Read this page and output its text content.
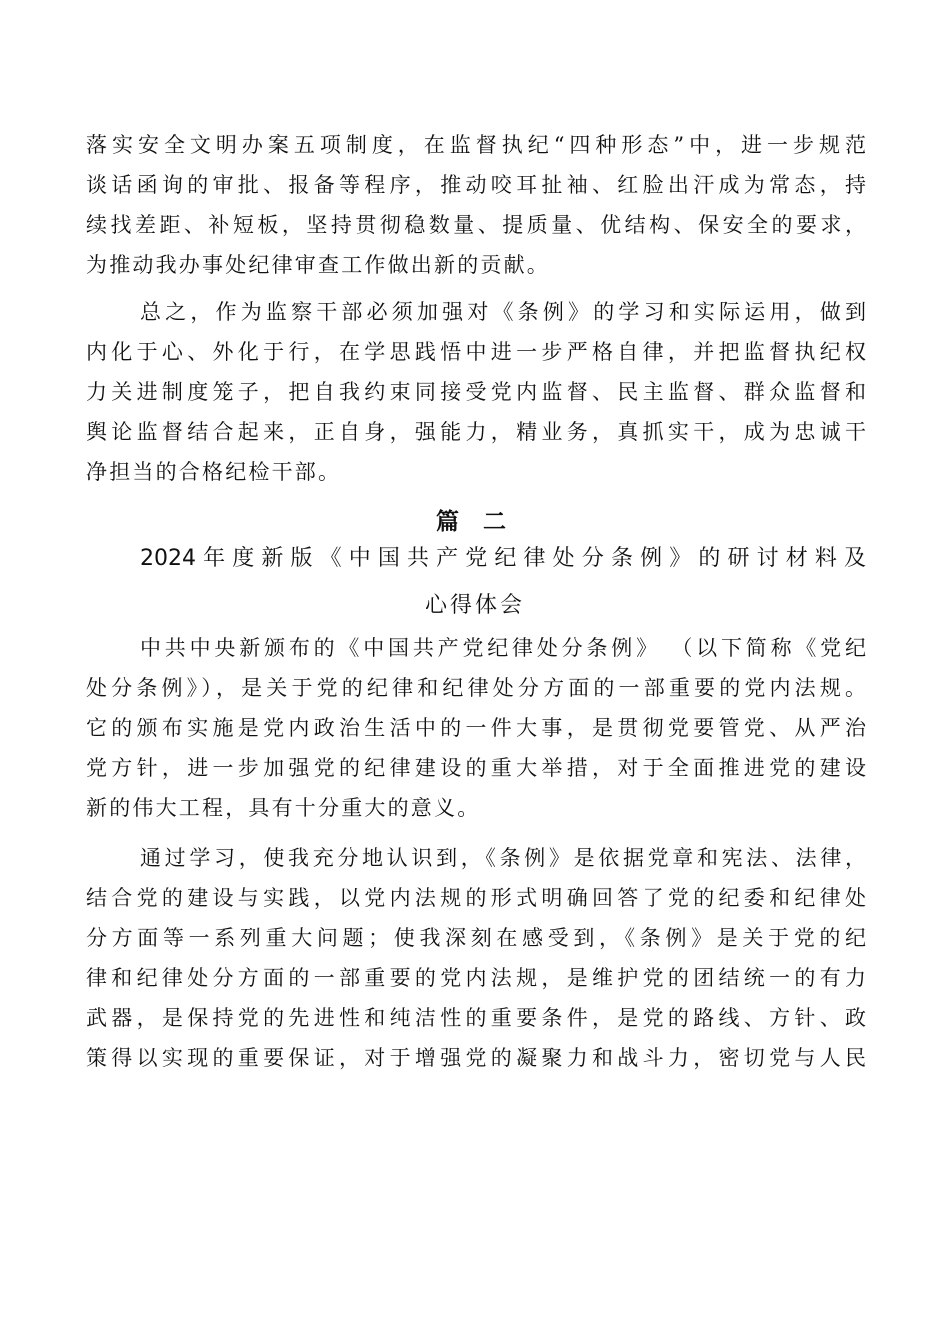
落实安全文明办案五项制度，在监督执纪“四种形态”中，进一步规范
谈话函询的审批、报备等程序，推动咬耳扯袖、红脸出汗成为常态，持
续找差距、补短板，坚持贯彻稳数量、提质量、优结构、保安全的要求，
为推动我办事处纪律审查工作做出新的贡献。
总之，作为监察干部必须加强对《条例》的学习和实际运用，做到
内化于心、外化于行，在学思践悟中进一步严格自律，并把监督执纪权
力关进制度笼子，把自我约束同接受党内监督、民主监督、群众监督和
舆论监督结合起来，正自身，强能力，精业务，真抓实干，成为忠诚干
净担当的合格纪检干部。
篇 二
2024年度新版《中国共产党纪律处分条例》的研讨材料及
心得体会
中共中央新颁布的《中国共产党纪律处分条例》 （以下简称《党纪
处分条例》），是关于党的纪律和纪律处分方面的一部重要的党内法规。
它的颁布实施是党内政治生活中的一件大事，是贯彻党要管党、从严治
党方针，进一步加强党的纪律建设的重大举措，对于全面推进党的建设
新的伟大工程，具有十分重大的意义。
通过学习，使我充分地认识到，《条例》是依据党章和宪法、法律，
结合党的建设与实践，以党内法规的形式明确回答了党的纪委和纪律处
分方面等一系列重大问题；使我深刻在感受到，《条例》是关于党的纪
律和纪律处分方面的一部重要的党内法规，是维护党的团结统一的有力
武器，是保持党的先进性和纯洁性的重要条件，是党的路线、方针、政
策得以实现的重要保证，对于增强党的凝聚力和战斗力，密切党与人民
